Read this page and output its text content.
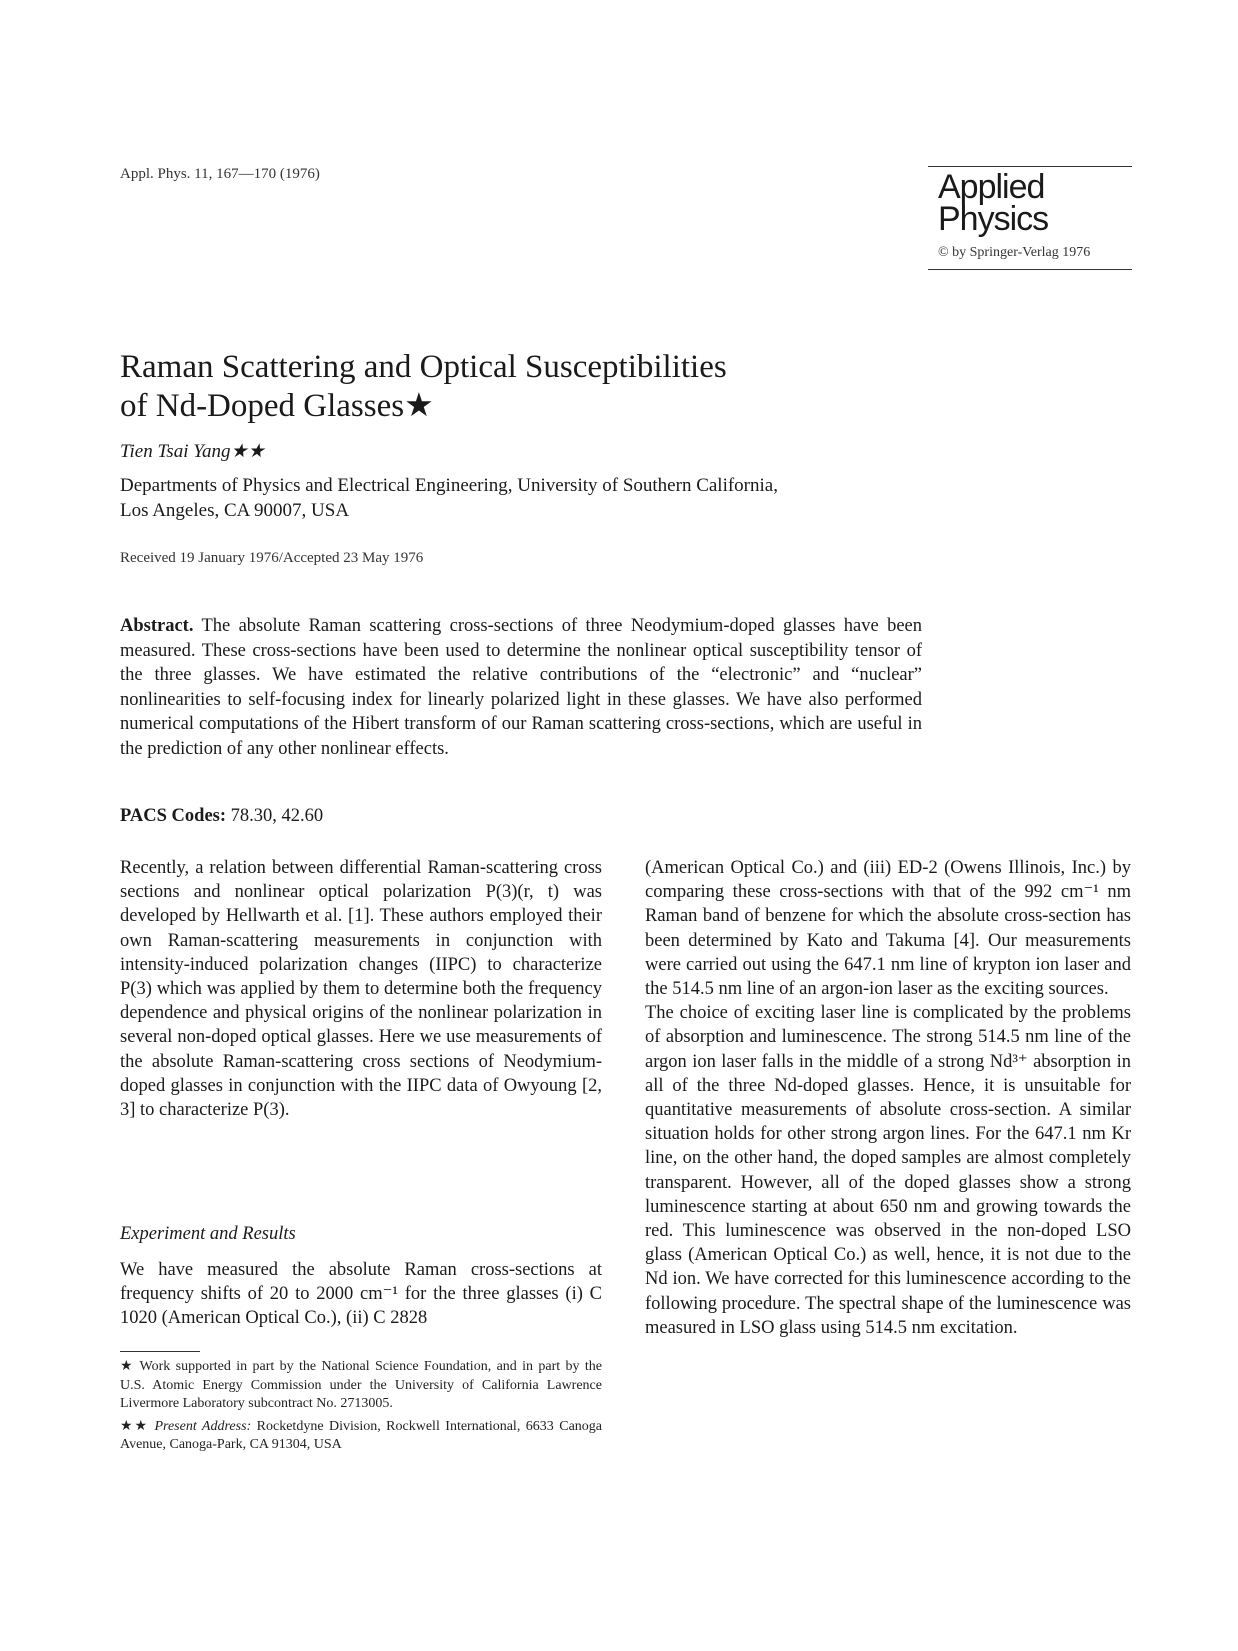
Appl. Phys. 11, 167—170 (1976)	Applied
Physics
© by Springer-Verlag 1976
Raman Scattering and Optical Susceptibilities
of Nd-Doped Glasses★
Tien Tsai Yang★★
Departments of Physics and Electrical Engineering, University of Southern California,
Los Angeles, CA 90007, USA
Received 19 January 1976/Accepted 23 May 1976
Abstract. The absolute Raman scattering cross-sections of three Neodymium-doped glasses have been measured. These cross-sections have been used to determine the nonlinear optical susceptibility tensor of the three glasses. We have estimated the relative contributions of the “electronic” and “nuclear” nonlinearities to self-focusing index for linearly polarized light in these glasses. We have also performed numerical computations of the Hibert transform of our Raman scattering cross-sections, which are useful in the prediction of any other nonlinear effects.
PACS Codes: 78.30, 42.60

Recently, a relation between differential Raman-scattering cross sections and nonlinear optical polarization P(3)(r, t) was developed by Hellwarth et al. [1]. These authors employed their own Raman-scattering measurements in conjunction with intensity-induced polarization changes (IIPC) to characterize P(3) which was applied by them to determine both the frequency dependence and physical origins of the nonlinear polarization in several non-doped optical glasses. Here we use measurements of the absolute Raman-scattering cross sections of Neodymium-doped glasses in conjunction with the IIPC data of Owyoung [2, 3] to characterize P(3).

Experiment and Results

We have measured the absolute Raman cross-sections at frequency shifts of 20 to 2000 cm⁻¹ for the three glasses (i) C 1020 (American Optical Co.), (ii) C 2828

★ Work supported in part by the National Science Foundation, and in part by the U.S. Atomic Energy Commission under the University of California Lawrence Livermore Laboratory subcontract No. 2713005.

★★ Present Address: Rocketdyne Division, Rockwell International, 6633 Canoga Avenue, Canoga-Park, CA 91304, USA

(American Optical Co.) and (iii) ED-2 (Owens Illinois, Inc.) by comparing these cross-sections with that of the 992 cm⁻¹ nm Raman band of benzene for which the absolute cross-section has been determined by Kato and Takuma [4]. Our measurements were carried out using the 647.1 nm line of krypton ion laser and the 514.5 nm line of an argon-ion laser as the exciting sources.

The choice of exciting laser line is complicated by the problems of absorption and luminescence. The strong 514.5 nm line of the argon ion laser falls in the middle of a strong Nd³⁺ absorption in all of the three Nd-doped glasses. Hence, it is unsuitable for quantitative measurements of absolute cross-section. A similar situation holds for other strong argon lines. For the 647.1 nm Kr line, on the other hand, the doped samples are almost completely transparent. However, all of the doped glasses show a strong luminescence starting at about 650 nm and growing towards the red. This luminescence was observed in the non-doped LSO glass (American Optical Co.) as well, hence, it is not due to the Nd ion. We have corrected for this luminescence according to the following procedure. The spectral shape of the luminescence was measured in LSO glass using 514.5 nm excitation.
